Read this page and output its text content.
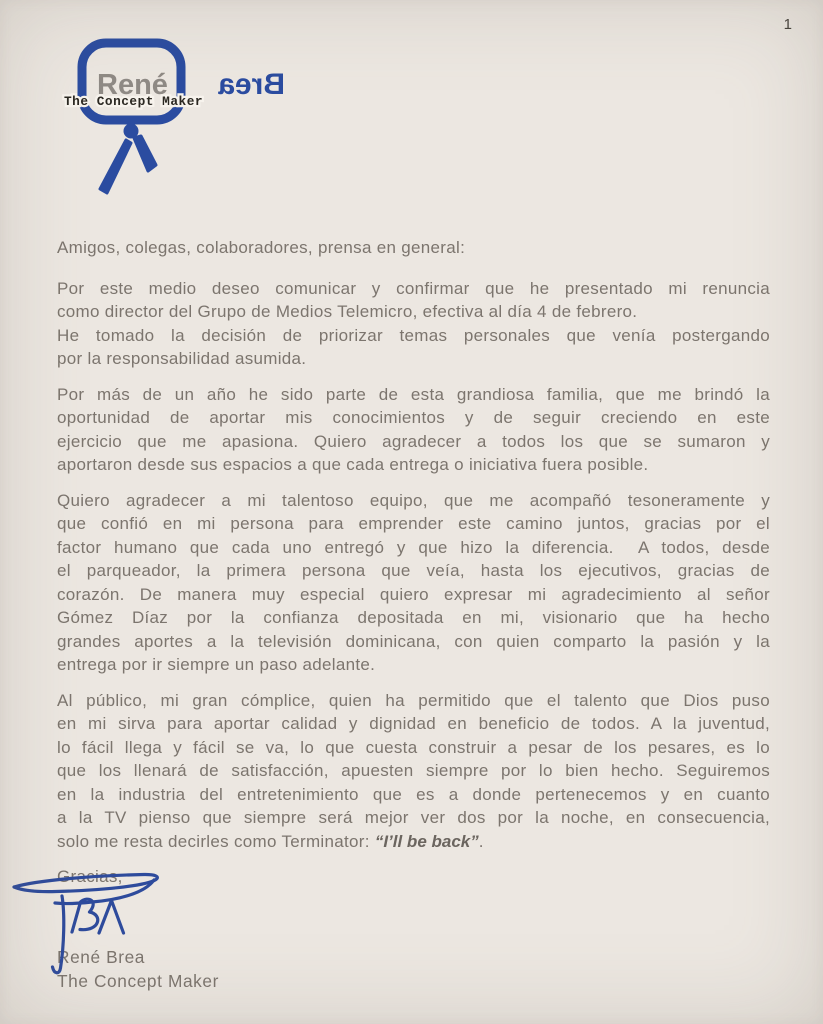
1
René Brea
The Concept Maker
Amigos, colegas, colaboradores, prensa en general:
Por este medio deseo comunicar y confirmar que he presentado mi renuncia
como director del Grupo de Medios Telemicro, efectiva al día 4 de febrero.
He tomado la decisión de priorizar temas personales que venía postergando
por la responsabilidad asumida.
Por más de un año he sido parte de esta grandiosa familia, que me brindó la
oportunidad de aportar mis conocimientos y de seguir creciendo en este
ejercicio que me apasiona. Quiero agradecer a todos los que se sumaron y
aportaron desde sus espacios a que cada entrega o iniciativa fuera posible.
Quiero agradecer a mi talentoso equipo, que me acompañó tesoneramente y
que confió en mi persona para emprender este camino juntos, gracias por el
factor humano que cada uno entregó y que hizo la diferencia.  A todos, desde
el parqueador, la primera persona que veía, hasta los ejecutivos, gracias de
corazón. De manera muy especial quiero expresar mi agradecimiento al señor
Gómez Díaz por la confianza depositada en mi, visionario que ha hecho
grandes aportes a la televisión dominicana, con quien comparto la pasión y la
entrega por ir siempre un paso adelante.
Al público, mi gran cómplice, quien ha permitido que el talento que Dios puso
en mi sirva para aportar calidad y dignidad en beneficio de todos. A la juventud,
lo fácil llega y fácil se va, lo que cuesta construir a pesar de los pesares, es lo
que los llenará de satisfacción, apuesten siempre por lo bien hecho. Seguiremos
en la industria del entretenimiento que es a donde pertenecemos y en cuanto
a la TV pienso que siempre será mejor ver dos por la noche, en consecuencia,
solo me resta decirles como Terminator: “I’ll be back”.
Gracias,
René Brea
The Concept Maker
